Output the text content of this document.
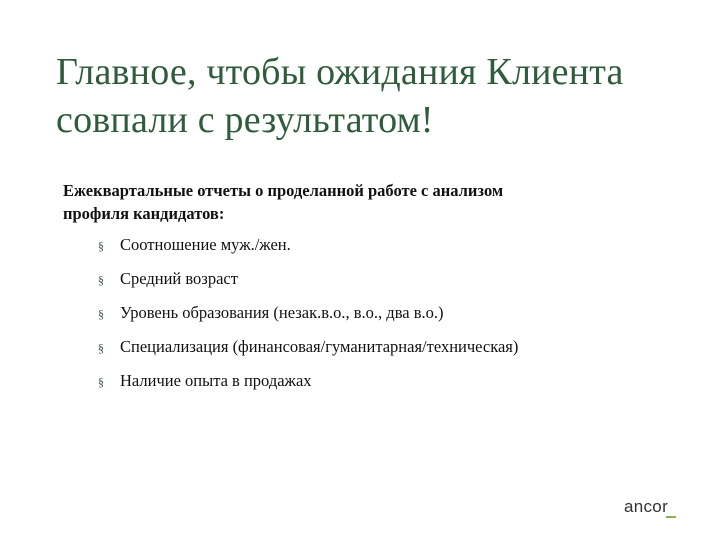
Главное, чтобы ожидания Клиента
совпали с результатом!

Ежеквартальные отчеты о проделанной работе с анализом
профиля кандидатов:

§ Соотношение муж./жен.
§ Средний возраст
§ Уровень образования (незак.в.о., в.о., два в.о.)
§ Специализация (финансовая/гуманитарная/техническая)
§ Наличие опыта в продажах
ancor
